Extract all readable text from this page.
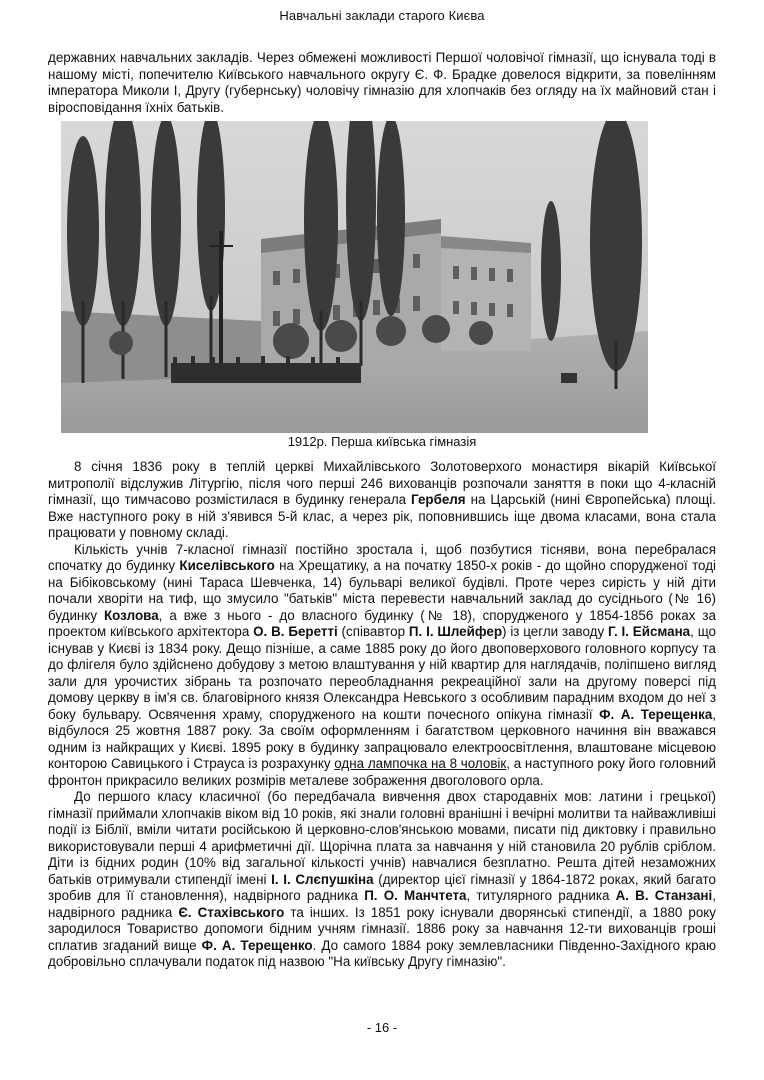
Навчальні заклади старого Києва

державних навчальних закладів. Через обмежені можливості Першої чоловічої гімназії, що існувала тоді в нашому місті, попечителю Київського навчального округу Є. Ф. Брадке довелося відкрити, за повелінням імператора Миколи І, Другу (губернську) чоловічу гімназію для хлопчаків без огляду на їх майновий стан і віросповідання їхніх батьків.

1912р. Перша київська гімназія

8 січня 1836 року в теплій церкві Михайлівського Золотоверхого монастиря вікарій Київської митрополії відслужив Літургію, після чого перші 246 вихованців розпочали заняття в поки що 4-класній гімназії, що тимчасово розмістилася в будинку генерала Гербеля на Царській (нині Європейська) площі. Вже наступного року в ній з'явився 5-й клас, а через рік, поповнившись іще двома класами, вона стала працювати у повному складі.

Кількість учнів 7-класної гімназії постійно зростала і, щоб позбутися тісняви, вона перебралася спочатку до будинку Киселівського на Хрещатику, а на початку 1850-х років - до щойно спорудженої тоді на Бібіковському (нині Тараса Шевченка, 14) бульварі великої будівлі. Проте через сирість у ній діти почали хворіти на тиф, що змусило "батьків" міста перевести навчальний заклад до сусіднього (№ 16) будинку Козлова, а вже з нього - до власного будинку (№ 18), спорудженого у 1854-1856 роках за проектом київського архітектора О. В. Беретті (співавтор П. І. Шлейфер) із цегли заводу Г. І. Ейсмана, що існував у Києві із 1834 року. Дещо пізніше, а саме 1885 року до його двоповерхового головного корпусу та до флігеля було здійснено добудову з метою влаштування у ній квартир для наглядачів, поліпшено вигляд зали для урочистих зібрань та розпочато переобладнання рекреаційної зали на другому поверсі під домову церкву в ім'я св. благовірного князя Олександра Невського з особливим парадним входом до неї з боку бульвару. Освячення храму, спорудженого на кошти почесного опікуна гімназії Ф. А. Терещенка, відбулося 25 жовтня 1887 року. За своїм оформленням і багатством церковного начиння він вважався одним із найкращих у Києві. 1895 року в будинку запрацювало електроосвітлення, влаштоване місцевою конторою Савицького і Страуса із розрахунку одна лампочка на 8 чоловік, а наступного року його головний фронтон прикрасило великих розмірів металеве зображення двоголового орла.

До першого класу класичної (бо передбачала вивчення двох стародавніх мов: латини і грецької) гімназії приймали хлопчаків віком від 10 років, які знали головні вранішні і вечірні молитви та найважливіші події із Біблії, вміли читати російською й церковно-слов'янською мовами, писати під диктовку і правильно використовували перші 4 арифметичні дії. Щорічна плата за навчання у ній становила 20 рублів сріблом. Діти із бідних родин (10% від загальної кількості учнів) навчалися безплатно. Решта дітей незаможних батьків отримували стипендії імені І. І. Слєпушкіна (директор цієї гімназії у 1864-1872 роках, який багато зробив для її становлення), надвірного радника П. О. Манчтета, титулярного радника А. В. Станзані, надвірного радника Є. Стахівського та інших. Із 1851 року існували дворянські стипендії, а 1880 року зародилося Товариство допомоги бідним учням гімназії. 1886 року за навчання 12-ти вихованців гроші сплатив згаданий вище Ф. А. Терещенко. До самого 1884 року землевласники Південно-Західного краю добровільно сплачували податок під назвою "На київську Другу гімназію".

- 16 -
